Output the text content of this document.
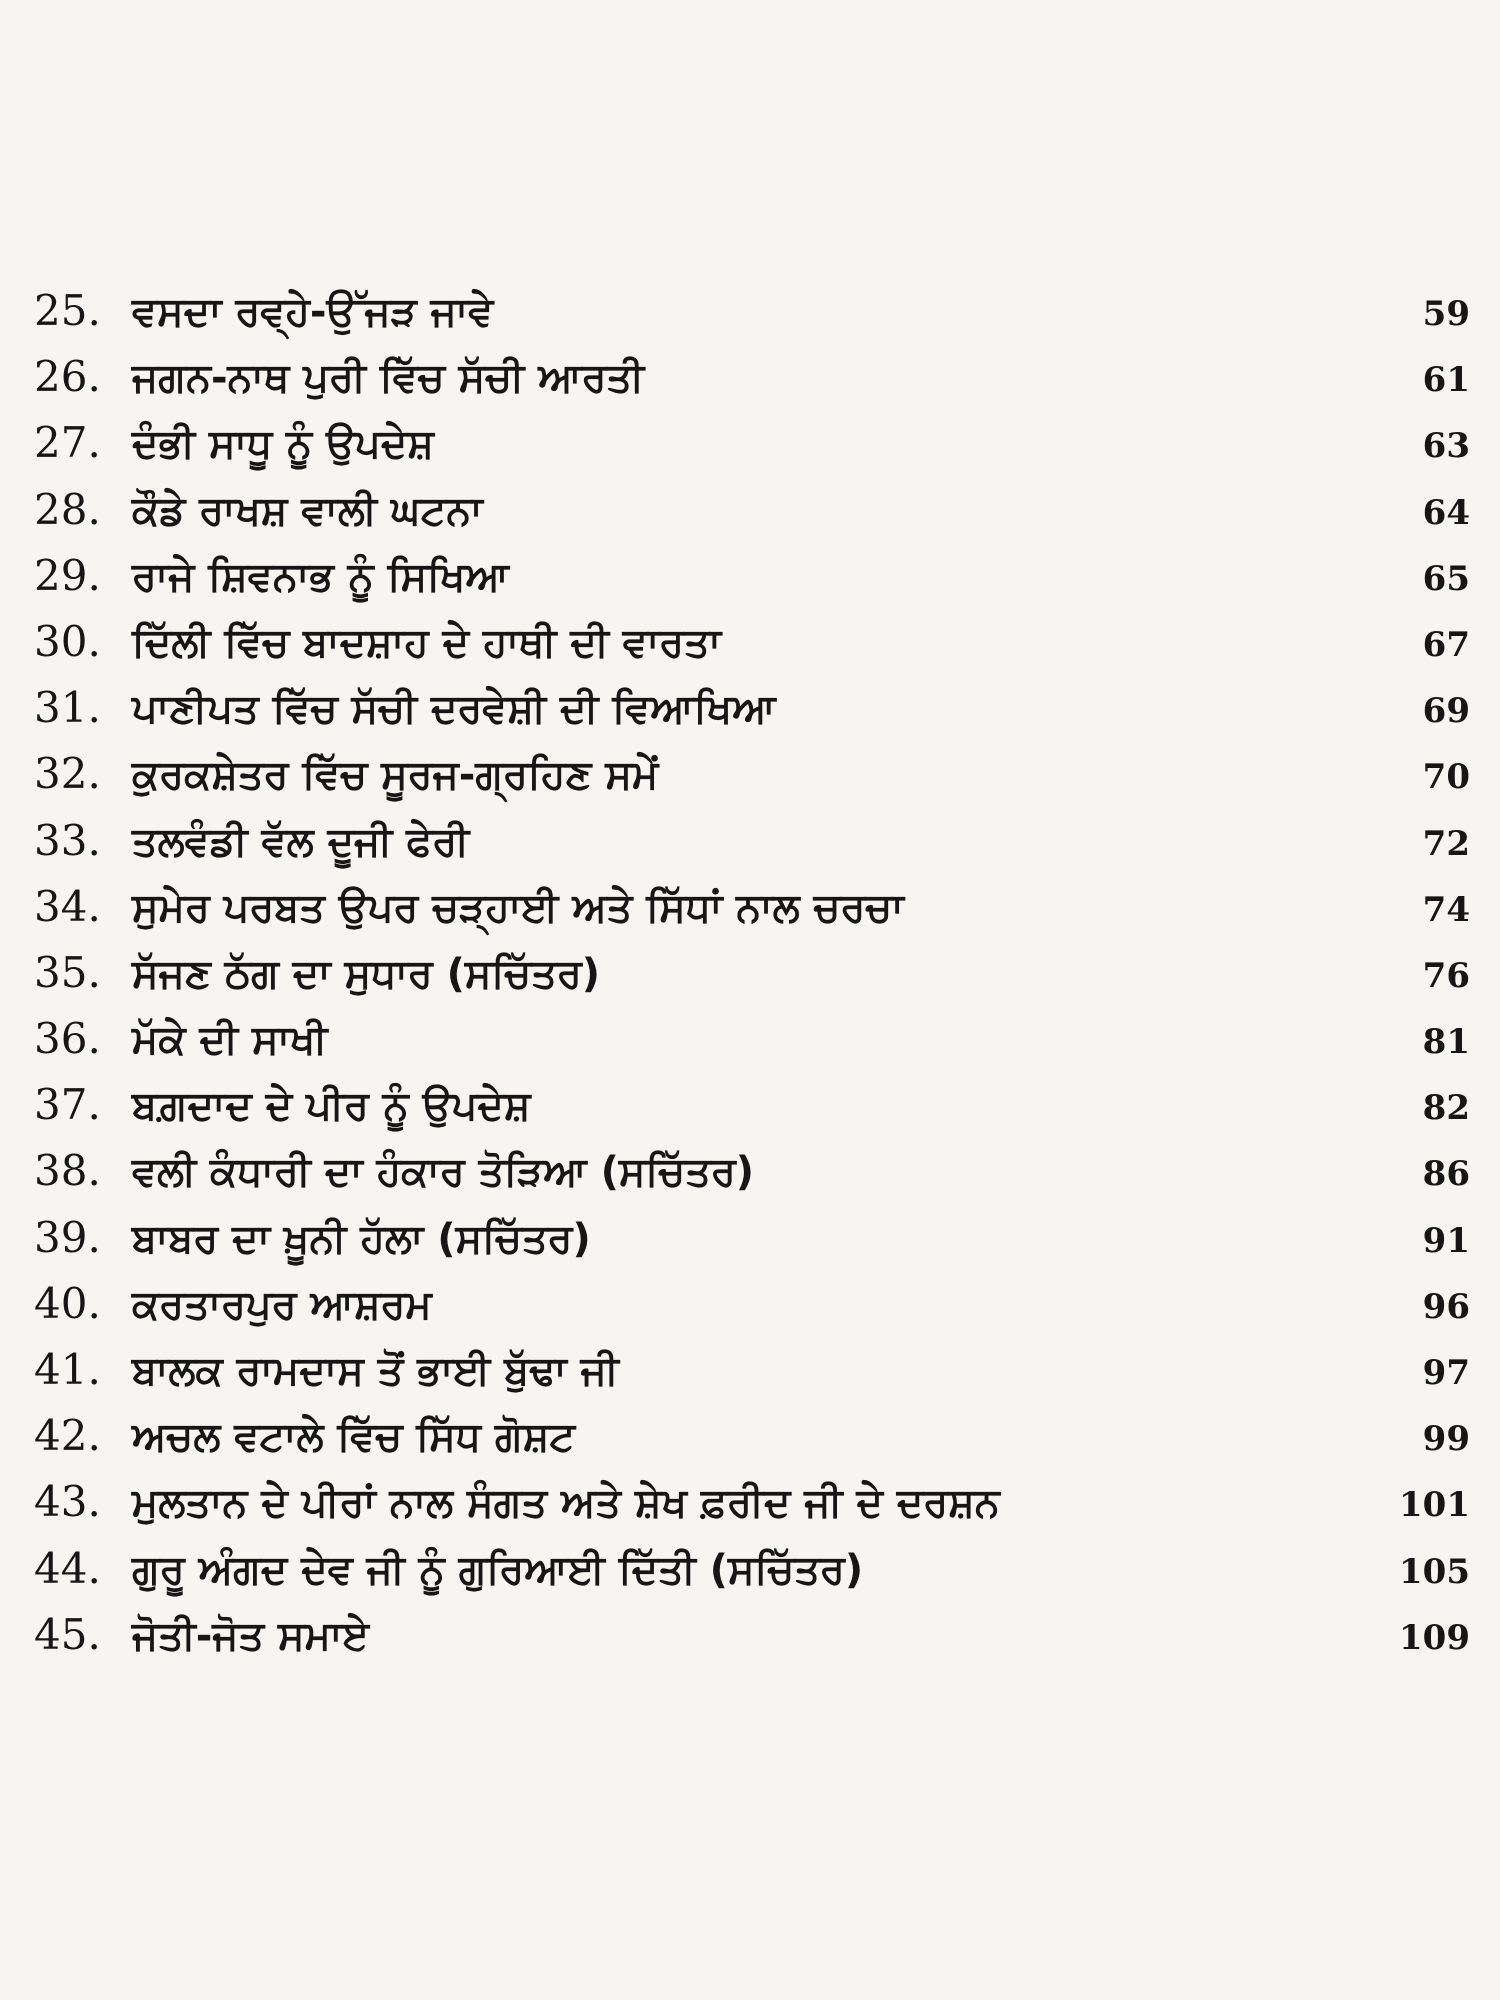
25. ਵਸਦਾ ਰਵ੍ਹੇ-ਉੱਜੜ ਜਾਵੇ	59
26. ਜਗਨ-ਨਾਥ ਪੁਰੀ ਵਿੱਚ ਸੱਚੀ ਆਰਤੀ	61
27. ਦੰਭੀ ਸਾਧੂ ਨੂੰ ਉਪਦੇਸ਼	63
28. ਕੌਡੇ ਰਾਖਸ਼ ਵਾਲੀ ਘਟਨਾ	64
29. ਰਾਜੇ ਸ਼ਿਵਨਾਭ ਨੂੰ ਸਿਖਿਆ	65
30. ਦਿੱਲੀ ਵਿੱਚ ਬਾਦਸ਼ਾਹ ਦੇ ਹਾਥੀ ਦੀ ਵਾਰਤਾ	67
31. ਪਾਣੀਪਤ ਵਿੱਚ ਸੱਚੀ ਦਰਵੇਸ਼ੀ ਦੀ ਵਿਆਖਿਆ	69
32. ਕੁਰਕਸ਼ੇਤਰ ਵਿੱਚ ਸੂਰਜ-ਗ੍ਰਹਿਣ ਸਮੇਂ	70
33. ਤਲਵੰਡੀ ਵੱਲ ਦੂਜੀ ਫੇਰੀ	72
34. ਸੁਮੇਰ ਪਰਬਤ ਉਪਰ ਚੜ੍ਹਾਈ ਅਤੇ ਸਿੱਧਾਂ ਨਾਲ ਚਰਚਾ	74
35. ਸੱਜਣ ਠੱਗ ਦਾ ਸੁਧਾਰ (ਸਚਿੱਤਰ)	76
36. ਮੱਕੇ ਦੀ ਸਾਖੀ	81
37. ਬਗ਼ਦਾਦ ਦੇ ਪੀਰ ਨੂੰ ਉਪਦੇਸ਼	82
38. ਵਲੀ ਕੰਧਾਰੀ ਦਾ ਹੰਕਾਰ ਤੋੜਿਆ (ਸਚਿੱਤਰ)	86
39. ਬਾਬਰ ਦਾ ਖ਼ੂਨੀ ਹੱਲਾ (ਸਚਿੱਤਰ)	91
40. ਕਰਤਾਰਪੁਰ ਆਸ਼ਰਮ	96
41. ਬਾਲਕ ਰਾਮਦਾਸ ਤੋਂ ਭਾਈ ਬੁੱਢਾ ਜੀ	97
42. ਅਚਲ ਵਟਾਲੇ ਵਿੱਚ ਸਿੱਧ ਗੋਸ਼ਟ	99
43. ਮੁਲਤਾਨ ਦੇ ਪੀਰਾਂ ਨਾਲ ਸੰਗਤ ਅਤੇ ਸ਼ੇਖ ਫ਼ਰੀਦ ਜੀ ਦੇ ਦਰਸ਼ਨ	101
44. ਗੁਰੂ ਅੰਗਦ ਦੇਵ ਜੀ ਨੂੰ ਗੁਰਿਆਈ ਦਿੱਤੀ (ਸਚਿੱਤਰ)	105
45. ਜੋਤੀ-ਜੋਤ ਸਮਾਏ	109
